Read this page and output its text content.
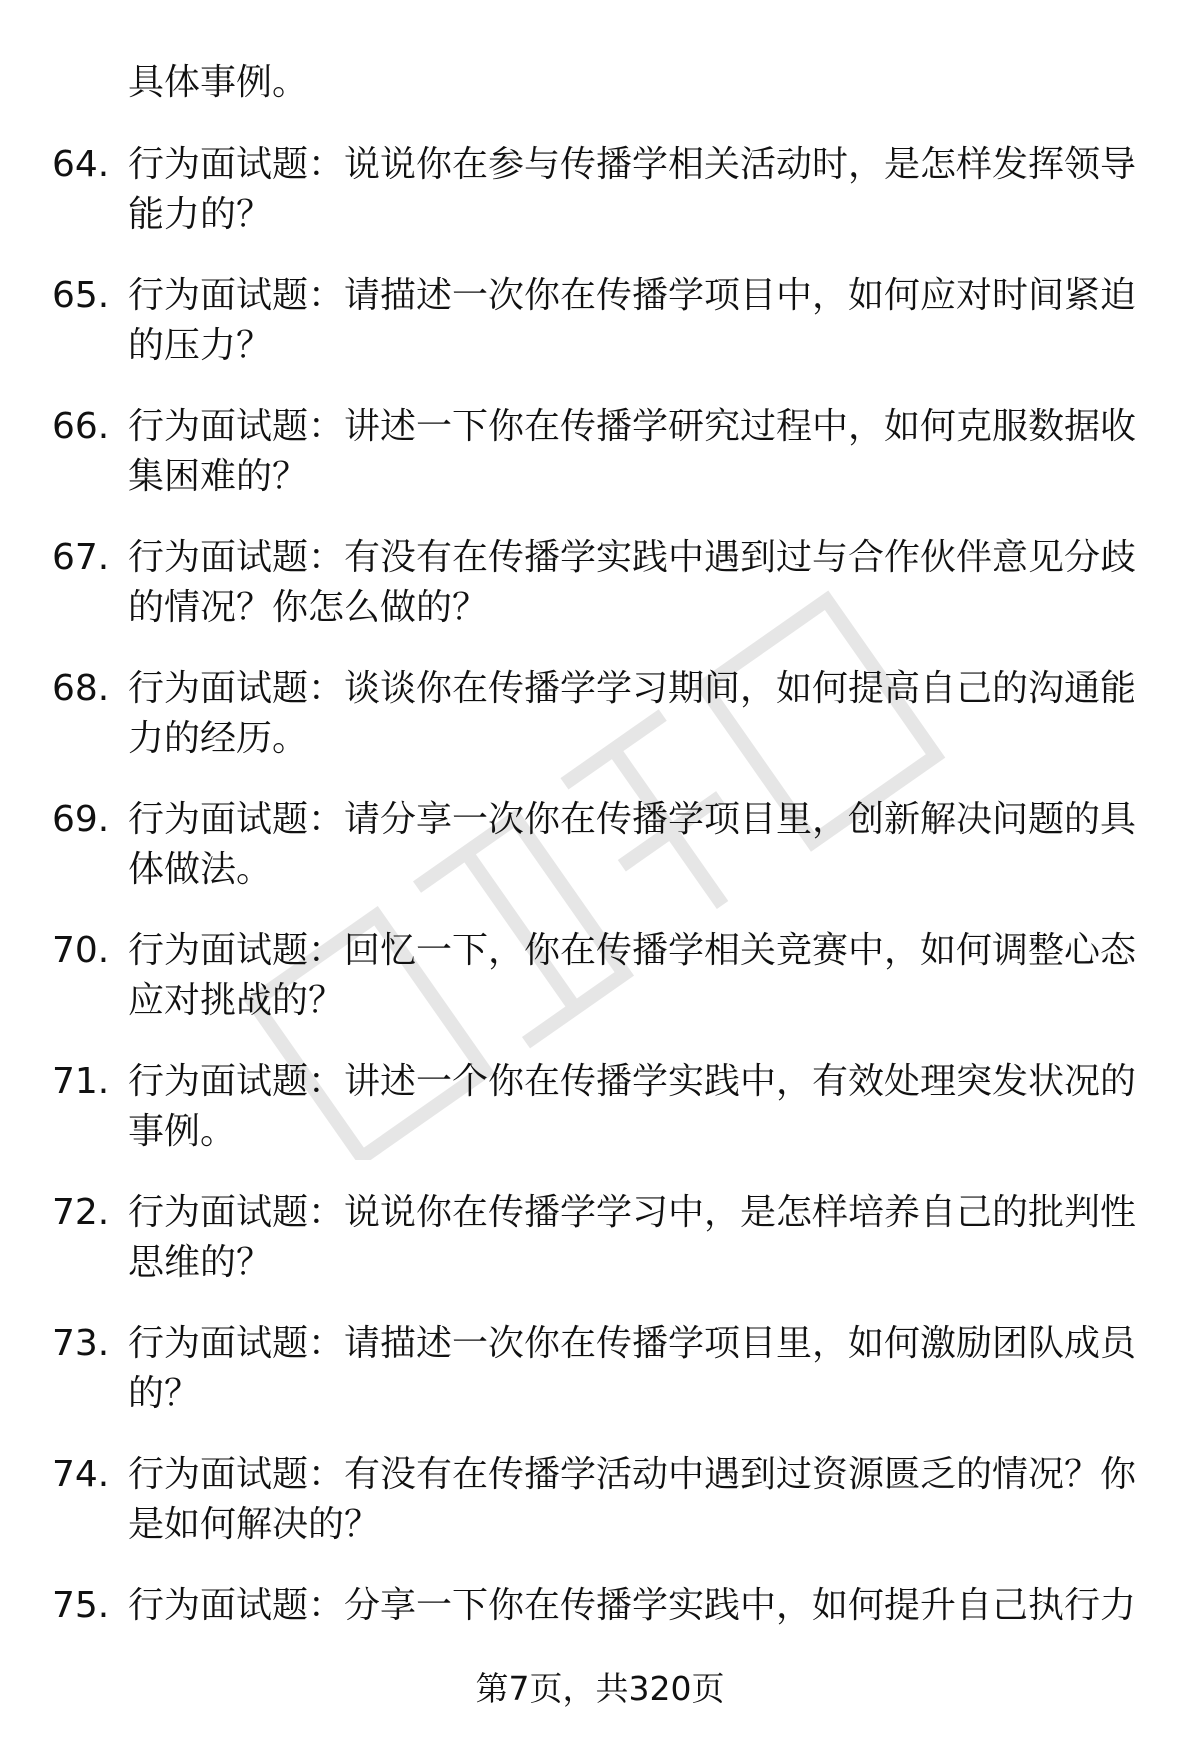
具体事例。
64. 行为面试题：说说你在参与传播学相关活动时，是怎样发挥领导能力的？
65. 行为面试题：请描述一次你在传播学项目中，如何应对时间紧迫的压力？
66. 行为面试题：讲述一下你在传播学研究过程中，如何克服数据收集困难的？
67. 行为面试题：有没有在传播学实践中遇到过与合作伙伴意见分歧的情况？你怎么做的？
68. 行为面试题：谈谈你在传播学学习期间，如何提高自己的沟通能力的经历。
69. 行为面试题：请分享一次你在传播学项目里，创新解决问题的具体做法。
70. 行为面试题：回忆一下，你在传播学相关竞赛中，如何调整心态应对挑战的？
71. 行为面试题：讲述一个你在传播学实践中，有效处理突发状况的事例。
72. 行为面试题：说说你在传播学学习中，是怎样培养自己的批判性思维的？
73. 行为面试题：请描述一次你在传播学项目里，如何激励团队成员的？
74. 行为面试题：有没有在传播学活动中遇到过资源匮乏的情况？你是如何解决的？
75. 行为面试题：分享一下你在传播学实践中，如何提升自己执行力
第7页，共320页
